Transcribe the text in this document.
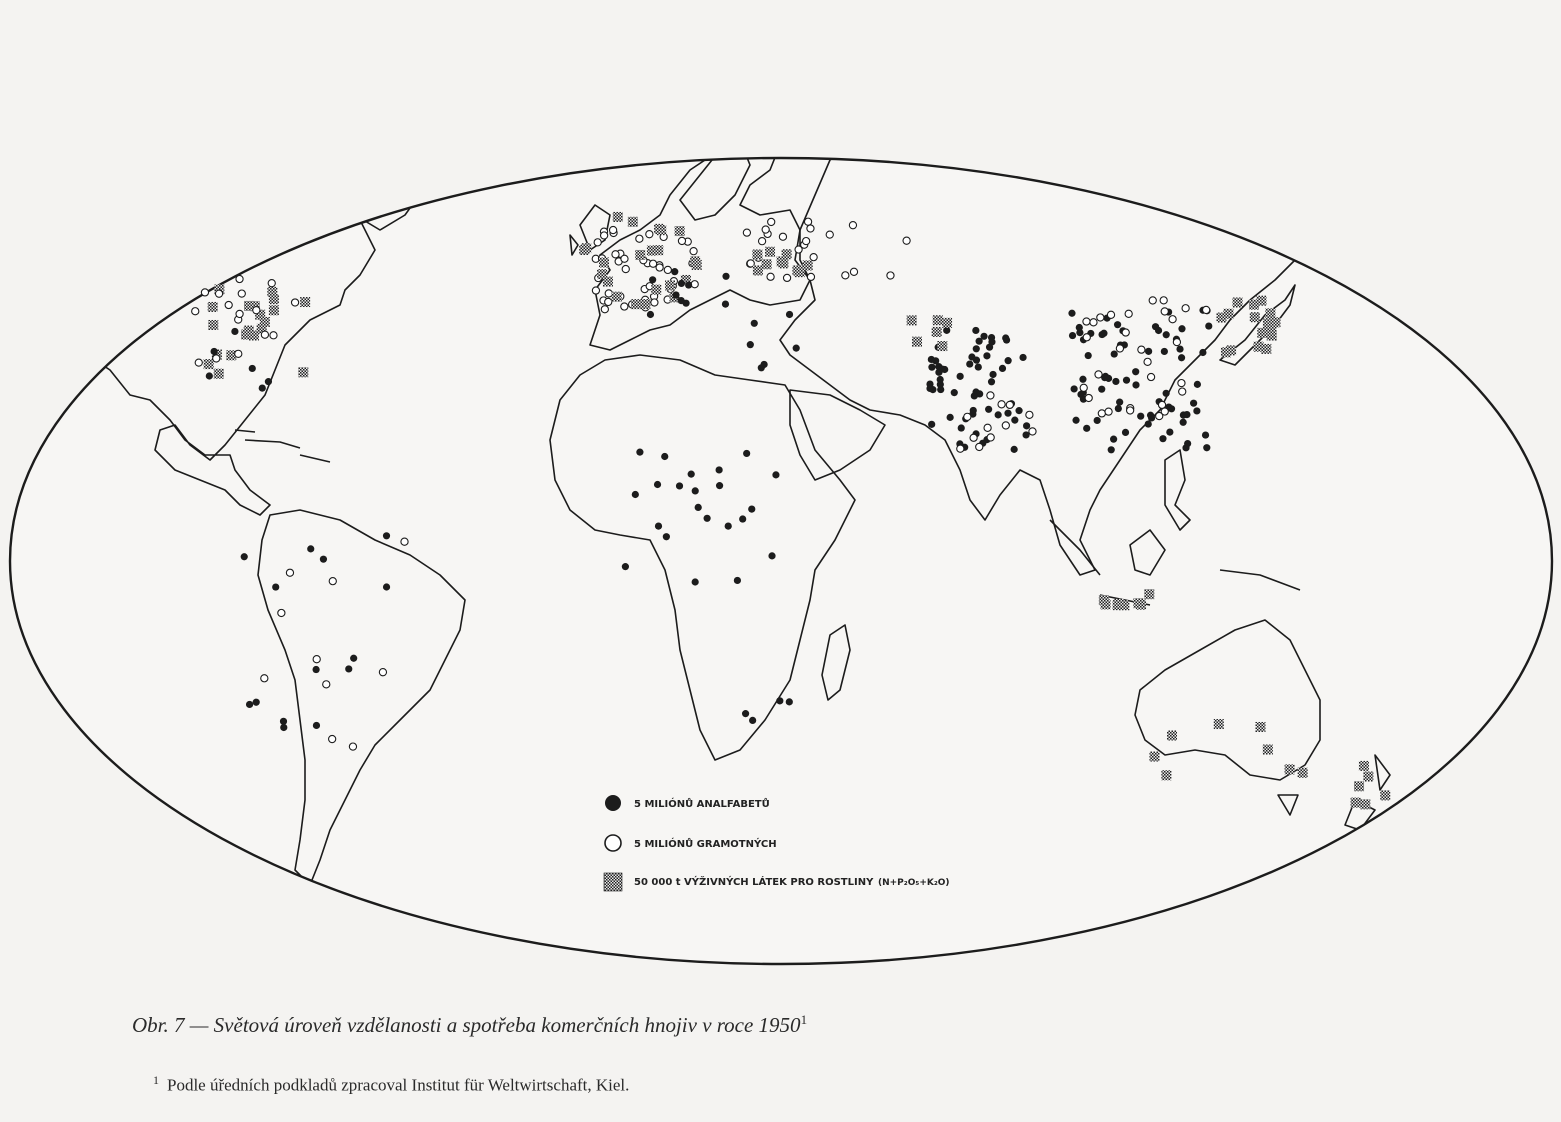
5 MILIÓNŮ ANALFABETŮ
5 MILIÓNŮ GRAMOTNÝCH
50 000 t VÝŽIVNÝCH LÁTEK PRO ROSTLINY (N+P₂O₅+K₂O)
Obr. 7 — Světová úroveň vzdělanosti a spotřeba komerčních hnojiv v roce 1950$^1$
$^1$ Podle úředních podkladů zpracoval Institut für Weltwirtschaft, Kiel.
